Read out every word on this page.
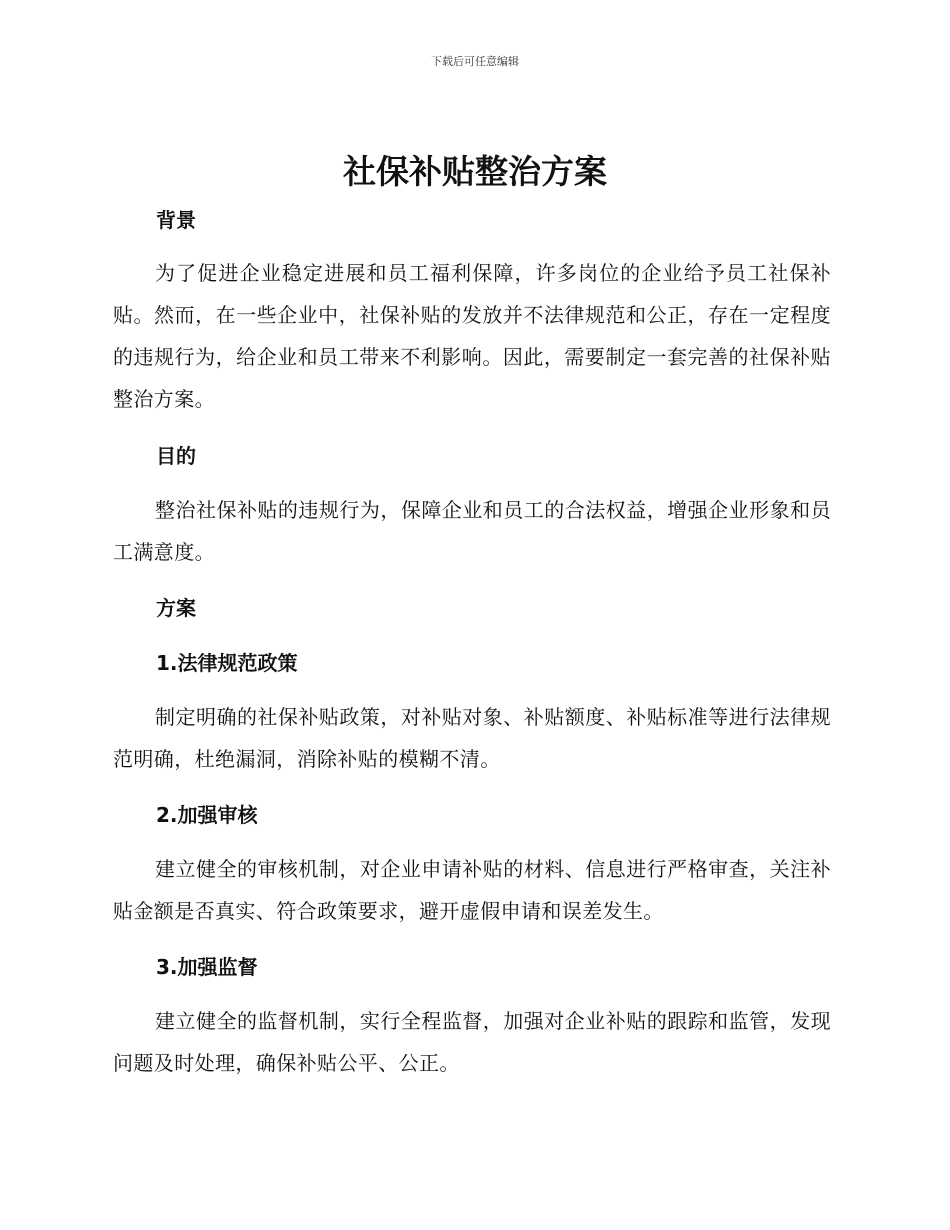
下载后可任意编辑
社保补贴整治方案
背景

为了促进企业稳定进展和员工福利保障，许多岗位的企业给予员工社保补贴。然而，在一些企业中，社保补贴的发放并不法律规范和公正，存在一定程度的违规行为，给企业和员工带来不利影响。因此，需要制定一套完善的社保补贴整治方案。

目的

整治社保补贴的违规行为，保障企业和员工的合法权益，增强企业形象和员工满意度。

方案
1.法律规范政策

制定明确的社保补贴政策，对补贴对象、补贴额度、补贴标准等进行法律规范明确，杜绝漏洞，消除补贴的模糊不清。

2.加强审核

建立健全的审核机制，对企业申请补贴的材料、信息进行严格审查，关注补贴金额是否真实、符合政策要求，避开虚假申请和误差发生。

3.加强监督

建立健全的监督机制，实行全程监督，加强对企业补贴的跟踪和监管，发现问题及时处理，确保补贴公平、公正。
